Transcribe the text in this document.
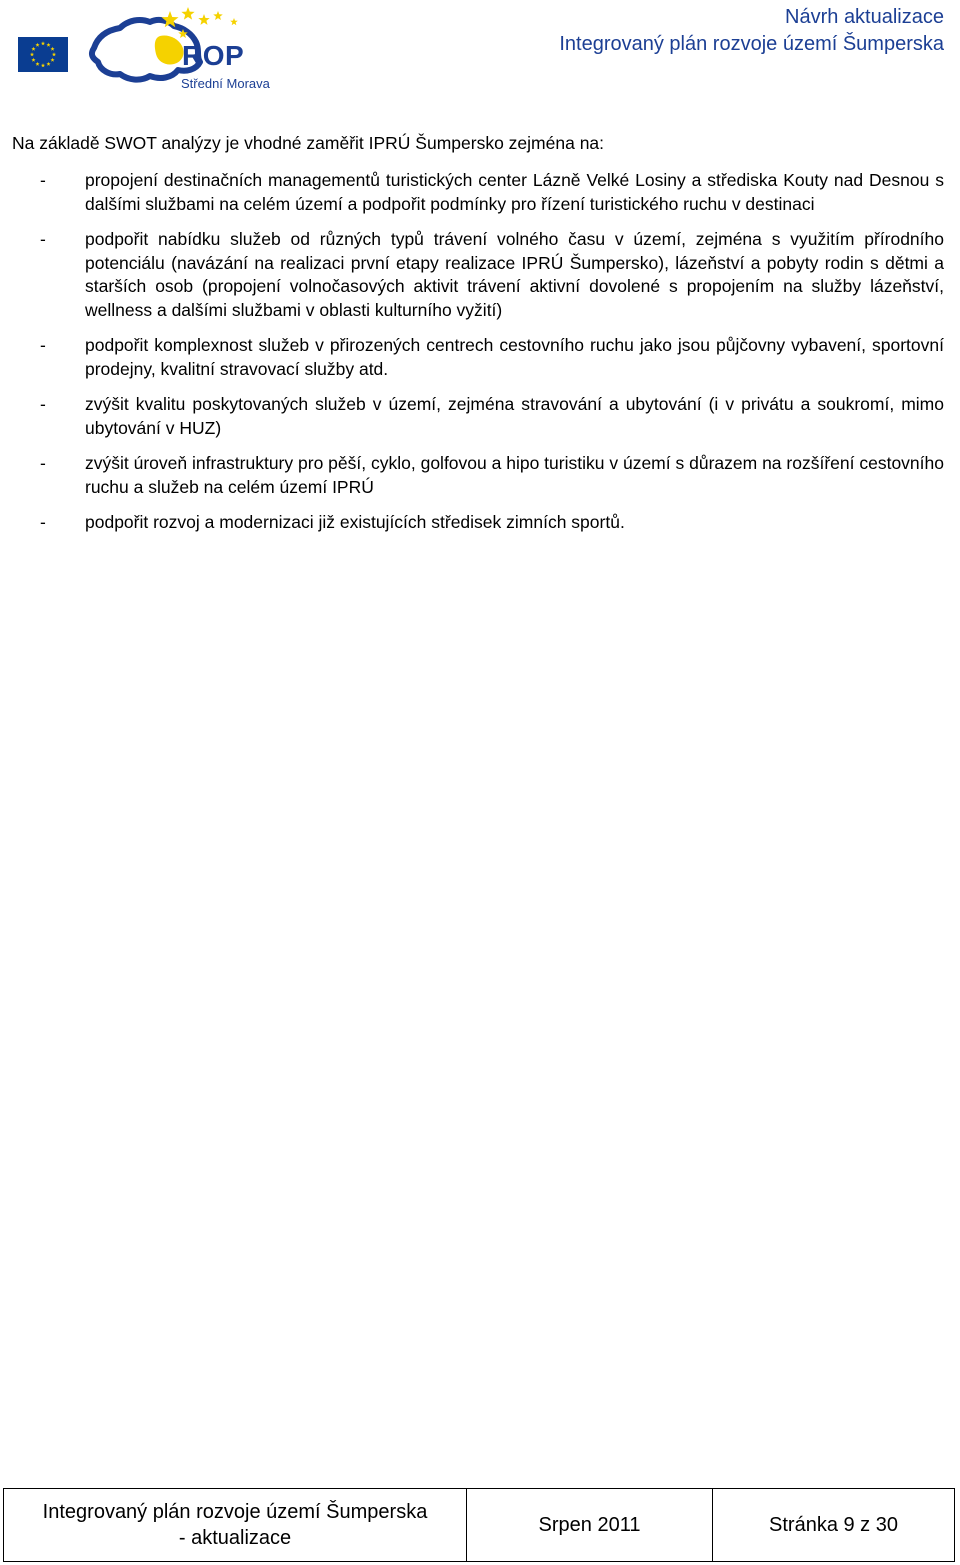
ROP
Střední Morava
Návrh aktualizace
Integrovaný plán rozvoje území Šumperska
Na základě SWOT analýzy je vhodné zaměřit IPRÚ Šumpersko zejména na:
- propojení destinačních managementů turistických center Lázně Velké Losiny a střediska Kouty nad Desnou s dalšími službami na celém území a podpořit podmínky pro řízení turistického ruchu v destinaci
- podpořit nabídku služeb od různých typů trávení volného času v území, zejména s využitím přírodního potenciálu (navázání na realizaci první etapy realizace IPRÚ Šumpersko), lázeňství a pobyty rodin s dětmi a starších osob (propojení volnočasových aktivit trávení aktivní dovolené s propojením na služby lázeňství, wellness a dalšími službami v oblasti kulturního vyžití)
- podpořit komplexnost služeb v přirozených centrech cestovního ruchu jako jsou půjčovny vybavení, sportovní prodejny, kvalitní stravovací služby atd.
- zvýšit kvalitu poskytovaných služeb v území, zejména stravování a ubytování (i v privátu a soukromí, mimo ubytování v HUZ)
- zvýšit úroveň infrastruktury pro pěší, cyklo, golfovou a hipo turistiku v území s důrazem na rozšíření cestovního ruchu a služeb na celém území IPRÚ
- podpořit rozvoj a modernizaci již existujících středisek zimních sportů.
Integrovaný plán rozvoje území Šumperska
- aktualizace
Srpen 2011	Stránka 9 z 30
